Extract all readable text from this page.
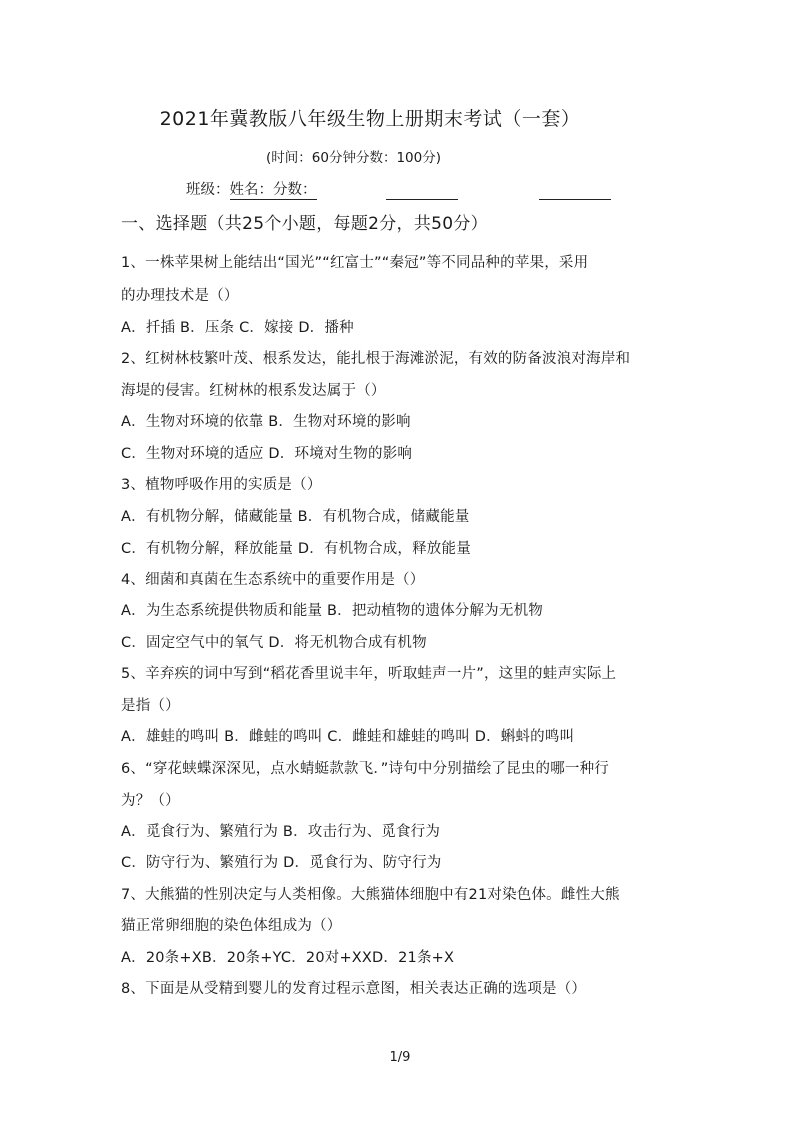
2021年冀教版八年级生物上册期末考试（一套）
(时间：60分钟分数：100分)
班级：姓名：分数：
一、选择题（共25个小题，每题2分，共50分）
1、一株苹果树上能结出“国光”“红富士”“秦冠”等不同品种的苹果，采用
的办理技术是（）
A．扦插 B．压条 C．嫁接 D．播种
2、红树林枝繁叶茂、根系发达，能扎根于海滩淤泥，有效的防备波浪对海岸和
海堤的侵害。红树林的根系发达属于（）
A．生物对环境的依靠 B．生物对环境的影响
C．生物对环境的适应 D．环境对生物的影响
3、植物呼吸作用的实质是（）
A．有机物分解，储藏能量 B．有机物合成，储藏能量
C．有机物分解，释放能量 D．有机物合成，释放能量
4、细菌和真菌在生态系统中的重要作用是（）
A．为生态系统提供物质和能量 B．把动植物的遗体分解为无机物
C．固定空气中的氧气 D．将无机物合成有机物
5、辛弃疾的词中写到“稻花香里说丰年，听取蛙声一片”，这里的蛙声实际上
是指（）
A．雄蛙的鸣叫 B．雌蛙的鸣叫 C．雌蛙和雄蛙的鸣叫 D．蝌蚪的鸣叫
6、“穿花蛱蝶深深见，点水蜻蜓款款飞．”诗句中分别描绘了昆虫的哪一种行
为？（）
A．觅食行为、繁殖行为 B．攻击行为、觅食行为
C．防守行为、繁殖行为 D．觅食行为、防守行为
7、大熊猫的性别决定与人类相像。大熊猫体细胞中有21对染色体。雌性大熊
猫正常卵细胞的染色体组成为（）
A．20条+XB．20条+YC．20对+XXD．21条+X
8、下面是从受精到婴儿的发育过程示意图，相关表达正确的选项是（）
1/9
